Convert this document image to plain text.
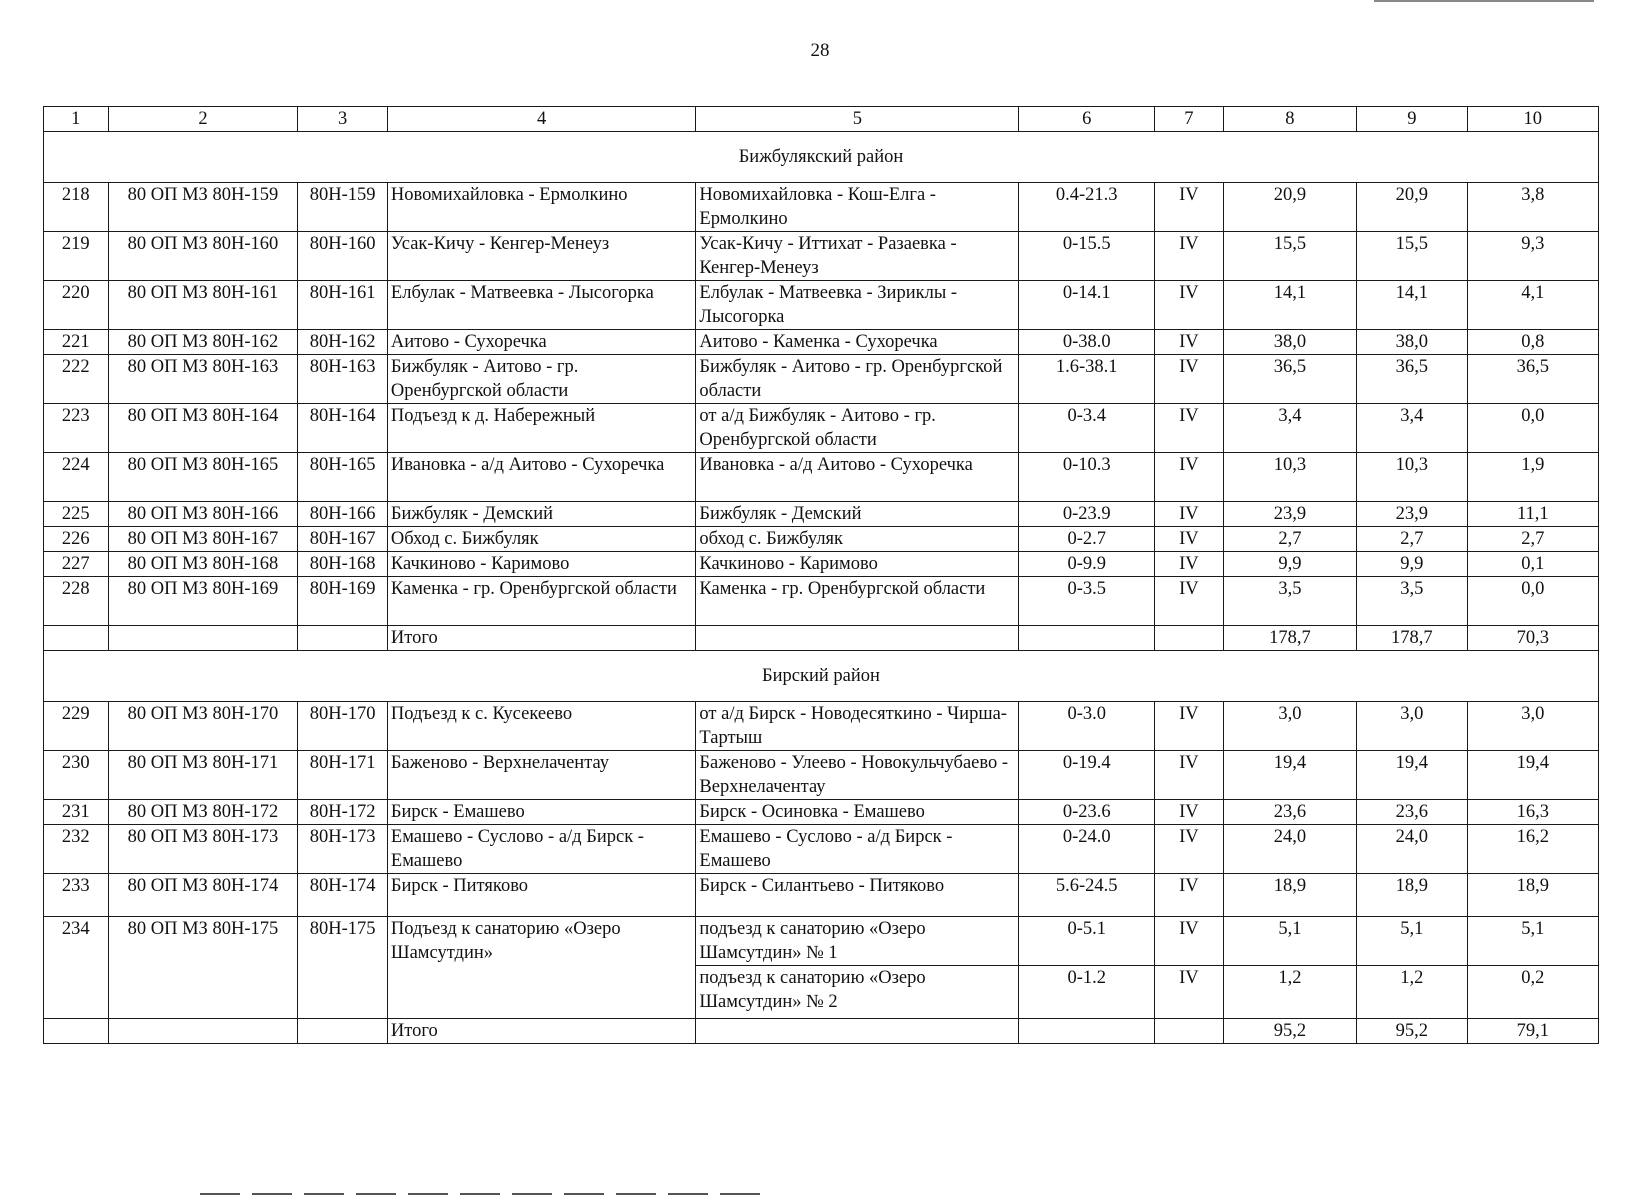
28
1	2	3	4	5	6	7	8	9	10
Бижбулякский район									
218	80 ОП МЗ 80Н-159	80Н-159	Новомихайловка - Ермолкино	Новомихайловка - Кош-Елга - Ермолкино	0.4-21.3	IV	20,9	20,9	3,8
219	80 ОП МЗ 80Н-160	80Н-160	Усак-Кичу - Кенгер-Менеуз	Усак-Кичу - Иттихат - Разаевка - Кенгер-Менеуз	0-15.5	IV	15,5	15,5	9,3
220	80 ОП МЗ 80Н-161	80Н-161	Елбулак - Матвеевка - Лысогорка	Елбулак - Матвеевка - Зириклы - Лысогорка	0-14.1	IV	14,1	14,1	4,1
221	80 ОП МЗ 80Н-162	80Н-162	Аитово - Сухоречка	Аитово - Каменка - Сухоречка	0-38.0	IV	38,0	38,0	0,8
222	80 ОП МЗ 80Н-163	80Н-163	Бижбуляк - Аитово - гр. Оренбургской области	Бижбуляк - Аитово - гр. Оренбургской области	1.6-38.1	IV	36,5	36,5	36,5
223	80 ОП МЗ 80Н-164	80Н-164	Подъезд к д. Набережный	от а/д Бижбуляк - Аитово - гр. Оренбургской области	0-3.4	IV	3,4	3,4	0,0
224	80 ОП МЗ 80Н-165	80Н-165	Ивановка - а/д Аитово - Сухоречка	Ивановка - а/д Аитово - Сухоречка	0-10.3	IV	10,3	10,3	1,9
225	80 ОП МЗ 80Н-166	80Н-166	Бижбуляк - Демский	Бижбуляк - Демский	0-23.9	IV	23,9	23,9	11,1
226	80 ОП МЗ 80Н-167	80Н-167	Обход с. Бижбуляк	обход с. Бижбуляк	0-2.7	IV	2,7	2,7	2,7
227	80 ОП МЗ 80Н-168	80Н-168	Качкиново - Каримово	Качкиново - Каримово	0-9.9	IV	9,9	9,9	0,1
228	80 ОП МЗ 80Н-169	80Н-169	Каменка - гр. Оренбургской области	Каменка - гр. Оренбургской области	0-3.5	IV	3,5	3,5	0,0
			Итого				178,7	178,7	70,3
Бирский район									
229	80 ОП МЗ 80Н-170	80Н-170	Подъезд к с. Кусекеево	от а/д Бирск - Новодесяткино - Чирша-Тартыш	0-3.0	IV	3,0	3,0	3,0
230	80 ОП МЗ 80Н-171	80Н-171	Баженово - Верхнелачентау	Баженово - Улеево - Новокульчубаево - Верхнелачентау	0-19.4	IV	19,4	19,4	19,4
231	80 ОП МЗ 80Н-172	80Н-172	Бирск - Емашево	Бирск - Осиновка - Емашево	0-23.6	IV	23,6	23,6	16,3
232	80 ОП МЗ 80Н-173	80Н-173	Емашево - Суслово - а/д Бирск - Емашево	Емашево - Суслово - а/д Бирск - Емашево	0-24.0	IV	24,0	24,0	16,2
233	80 ОП МЗ 80Н-174	80Н-174	Бирск - Питяково	Бирск - Силантьево - Питяково	5.6-24.5	IV	18,9	18,9	18,9
234	80 ОП МЗ 80Н-175	80Н-175	Подъезд к санаторию «Озеро Шамсутдин»	подъезд к санаторию «Озеро Шамсутдин» № 1	0-5.1	IV	5,1	5,1	5,1
				подъезд к санаторию «Озеро Шамсутдин» № 2	0-1.2	IV	1,2	1,2	0,2
			Итого				95,2	95,2	79,1
